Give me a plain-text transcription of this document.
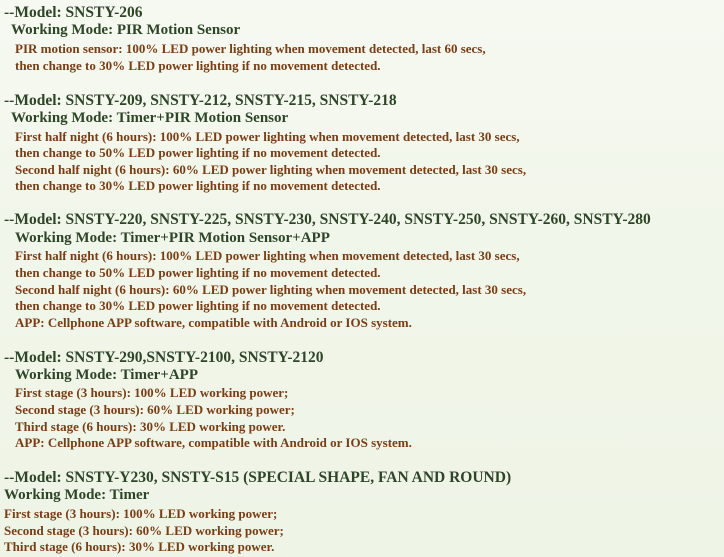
--Model: SNSTY-206
Working Mode: PIR Motion Sensor
PIR motion sensor: 100% LED power lighting when movement detected, last 60 secs,
then change to 30% LED power lighting if no movement detected.
--Model: SNSTY-209, SNSTY-212, SNSTY-215, SNSTY-218
Working Mode: Timer+PIR Motion Sensor
First half night (6 hours): 100% LED power lighting when movement detected, last 30 secs,
then change to 50% LED power lighting if no movement detected.
Second half night (6 hours): 60% LED power lighting when movement detected, last 30 secs,
then change to 30% LED power lighting if no movement detected.
--Model: SNSTY-220, SNSTY-225, SNSTY-230, SNSTY-240, SNSTY-250, SNSTY-260, SNSTY-280
Working Mode: Timer+PIR Motion Sensor+APP
First half night (6 hours): 100% LED power lighting when movement detected, last 30 secs,
then change to 50% LED power lighting if no movement detected.
Second half night (6 hours): 60% LED power lighting when movement detected, last 30 secs,
then change to 30% LED power lighting if no movement detected.
APP: Cellphone APP software, compatible with Android or IOS system.
--Model: SNSTY-290,SNSTY-2100, SNSTY-2120
Working Mode: Timer+APP
First stage (3 hours): 100% LED working power;
Second stage (3 hours): 60% LED working power;
Third stage (6 hours): 30% LED working power.
APP: Cellphone APP software, compatible with Android or IOS system.
--Model: SNSTY-Y230, SNSTY-S15 (SPECIAL SHAPE, FAN AND ROUND)
Working Mode: Timer
First stage (3 hours): 100% LED working power;
Second stage (3 hours): 60% LED working power;
Third stage (6 hours): 30% LED working power.
